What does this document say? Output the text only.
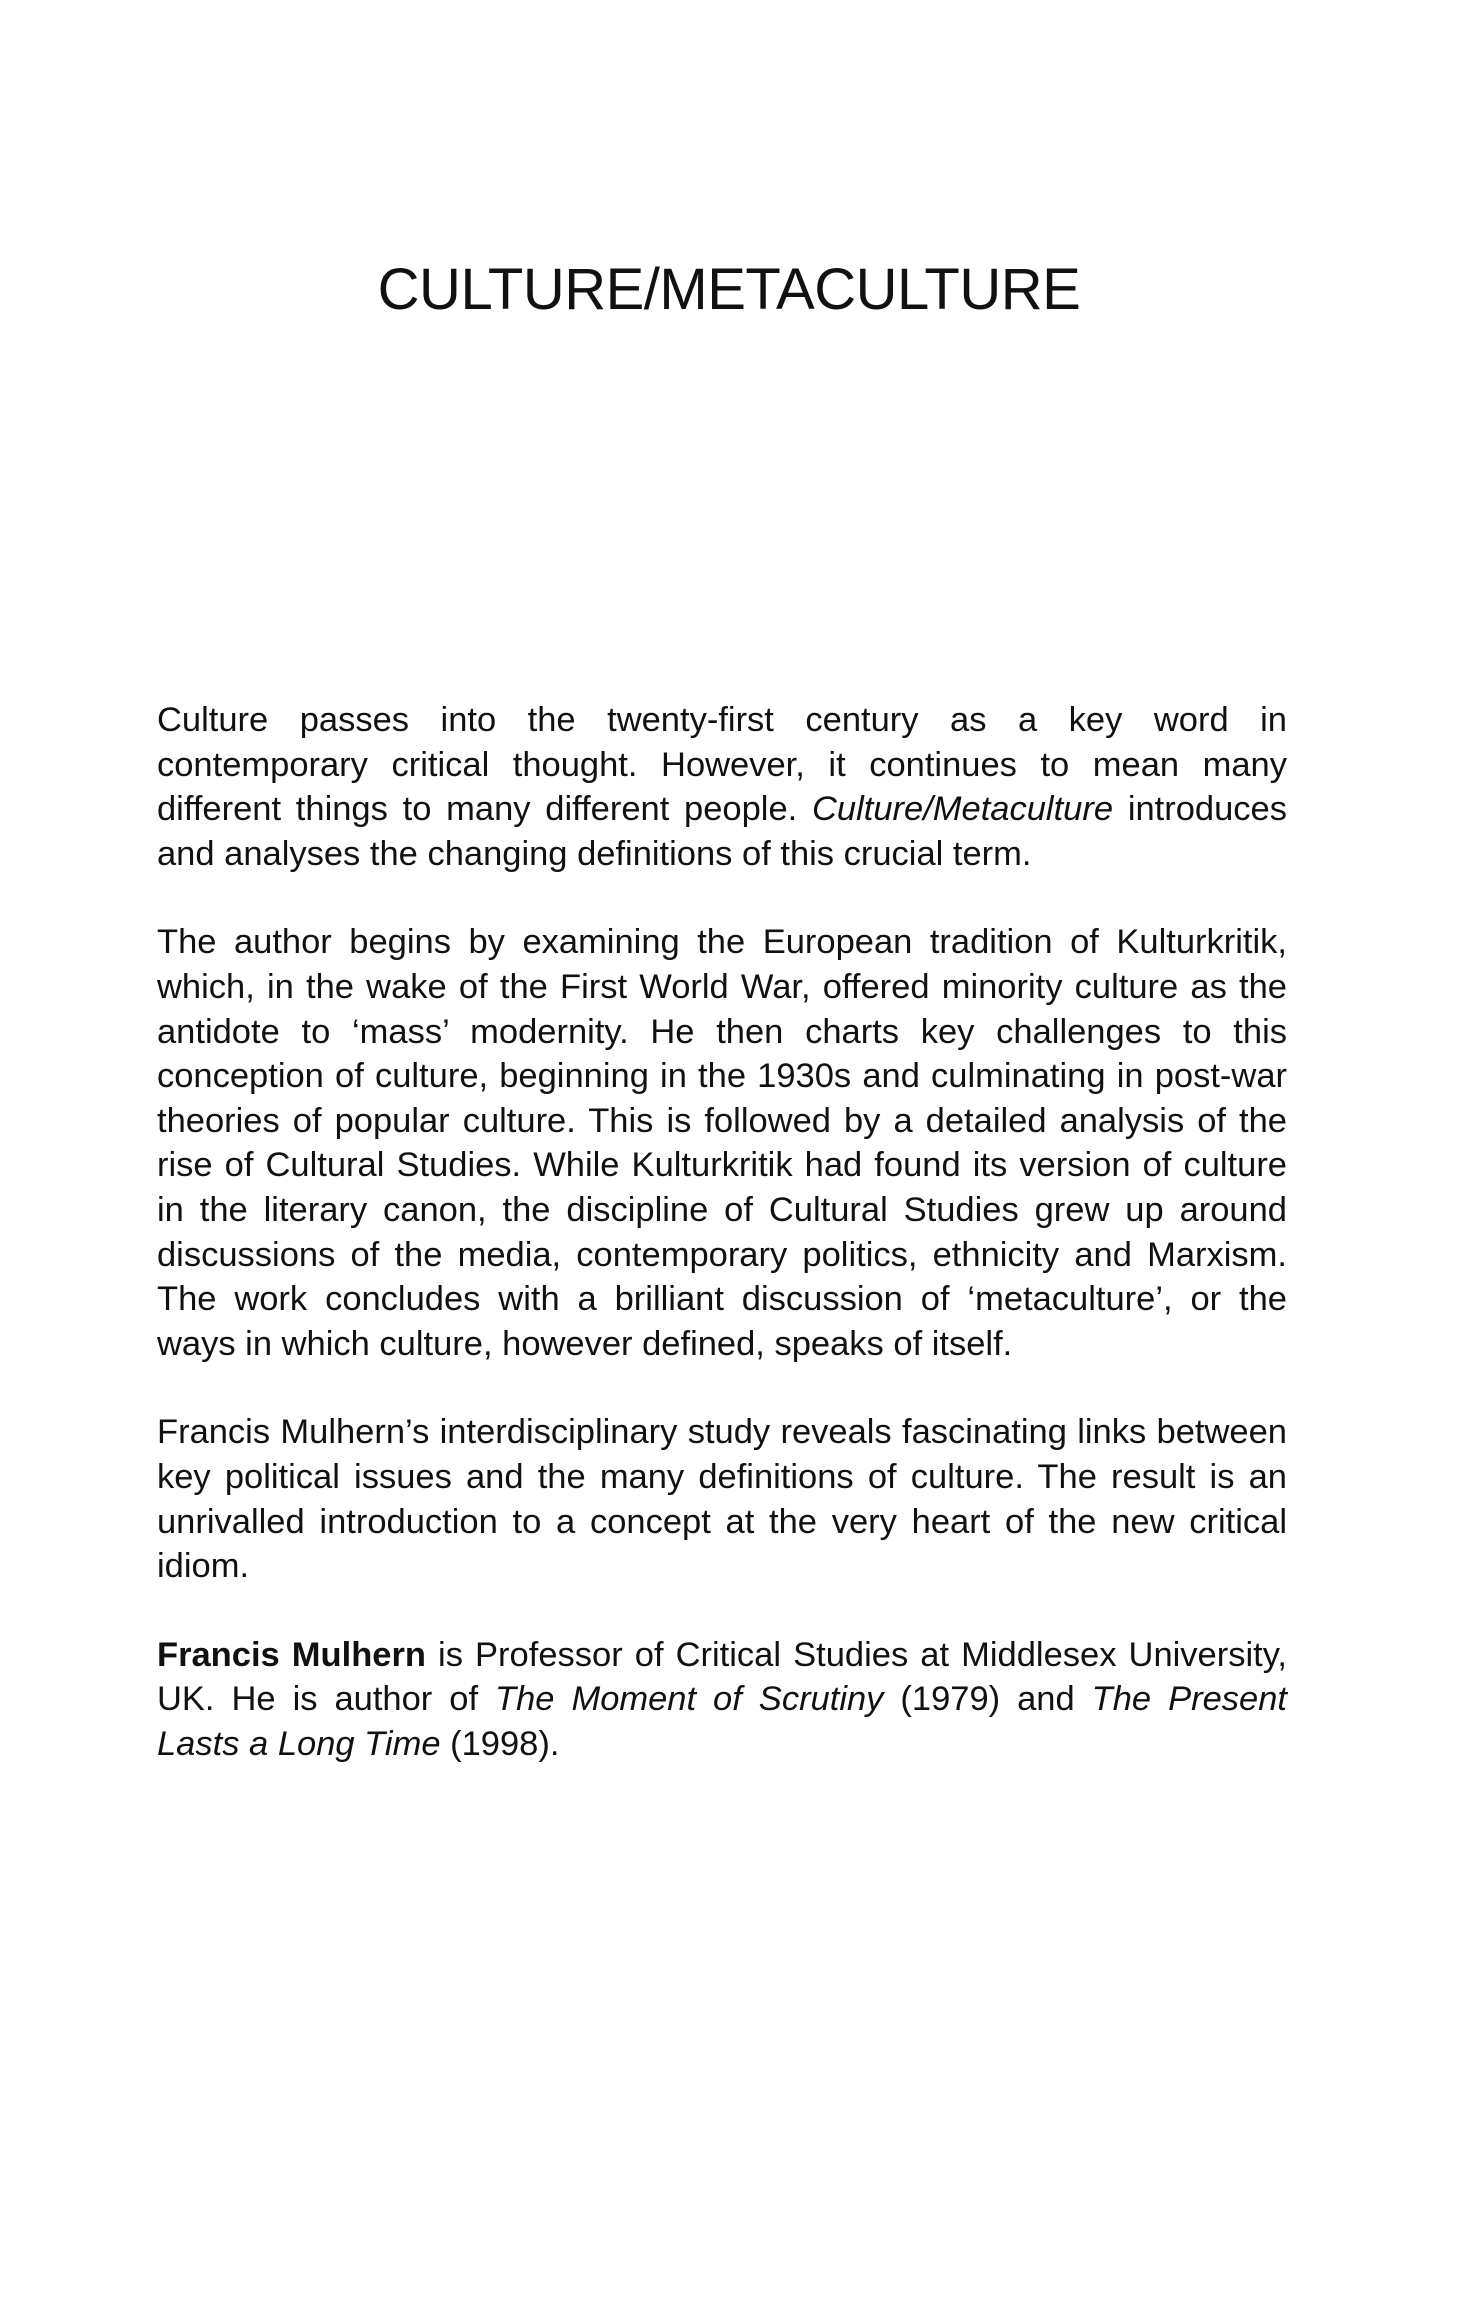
CULTURE/METACULTURE

Culture passes into the twenty-first century as a key word in contemporary critical thought. However, it continues to mean many different things to many different people. Culture/Metaculture introduces and analyses the changing definitions of this crucial term.

The author begins by examining the European tradition of Kulturkritik, which, in the wake of the First World War, offered minority culture as the antidote to ‘mass’ modernity. He then charts key challenges to this conception of culture, beginning in the 1930s and culminating in post-war theories of popular culture. This is followed by a detailed analysis of the rise of Cultural Studies. While Kulturkritik had found its version of culture in the literary canon, the discipline of Cultural Studies grew up around discussions of the media, contemporary politics, ethnicity and Marxism. The work concludes with a brilliant discussion of ‘metaculture’, or the ways in which culture, however defined, speaks of itself.

Francis Mulhern’s interdisciplinary study reveals fascinating links between key political issues and the many definitions of culture. The result is an unrivalled introduction to a concept at the very heart of the new critical idiom.

Francis Mulhern is Professor of Critical Studies at Middlesex University, UK. He is author of The Moment of Scrutiny (1979) and The Present Lasts a Long Time (1998).
